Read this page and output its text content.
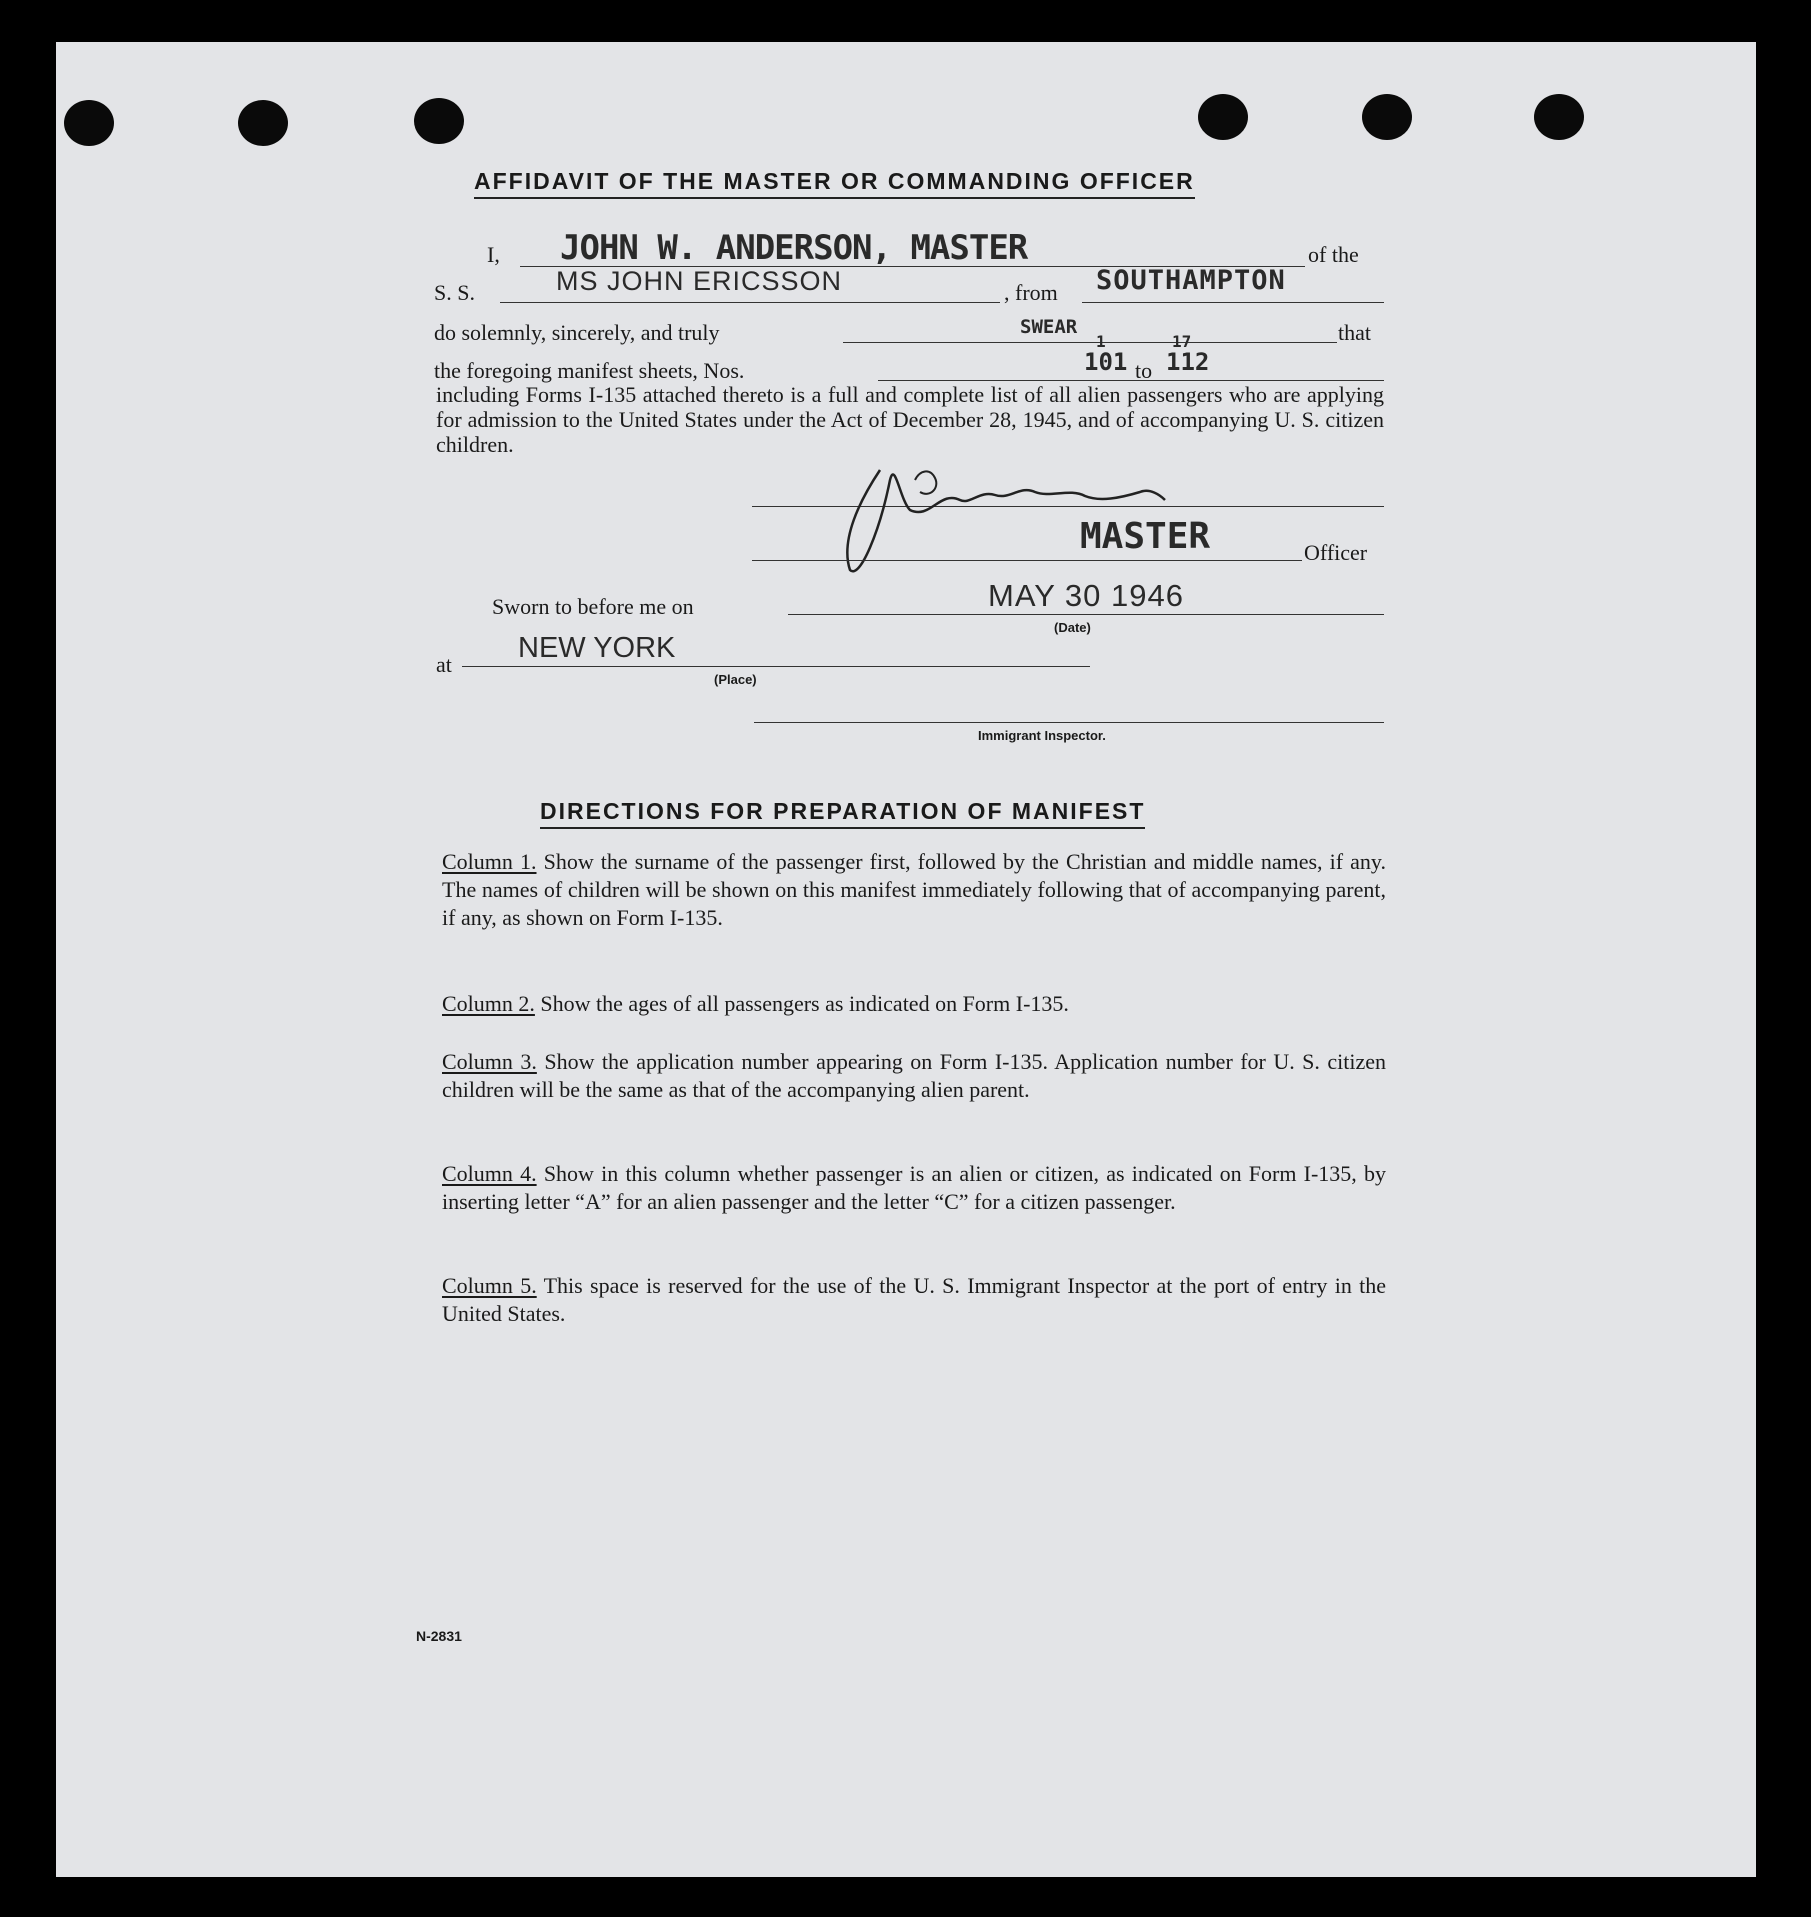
AFFIDAVIT OF THE MASTER OR COMMANDING OFFICER
I, JOHN W. ANDERSON, MASTER	of the
S. S.	MS JOHN ERICSSON	, from SOUTHAMPTON
do solemnly, sincerely, and truly	SWEAR	that
the foregoing manifest sheets, Nos.
1
101 to
17
112
including Forms I-135 attached thereto is a full and complete list of all alien passengers who are applying for admission to the United States under the Act of December 28, 1945, and of accompanying U. S. citizen children.
MASTER	Officer
Sworn to before me on	MAY 30 1946
(Date)
at
NEW YORK
(Place)
Immigrant Inspector.
DIRECTIONS FOR PREPARATION OF MANIFEST
Column 1. Show the surname of the passenger first, followed by the Christian and middle names, if any. The names of children will be shown on this manifest immediately following that of accompanying parent, if any, as shown on Form I-135.
Column 2. Show the ages of all passengers as indicated on Form I-135.
Column 3. Show the application number appearing on Form I-135. Application number for U. S. citizen children will be the same as that of the accompanying alien parent.
Column 4. Show in this column whether passenger is an alien or citizen, as indicated on Form I-135, by inserting letter “A” for an alien passenger and the letter “C” for a citizen passenger.
Column 5. This space is reserved for the use of the U. S. Immigrant Inspector at the port of entry in the United States.
N-2831
